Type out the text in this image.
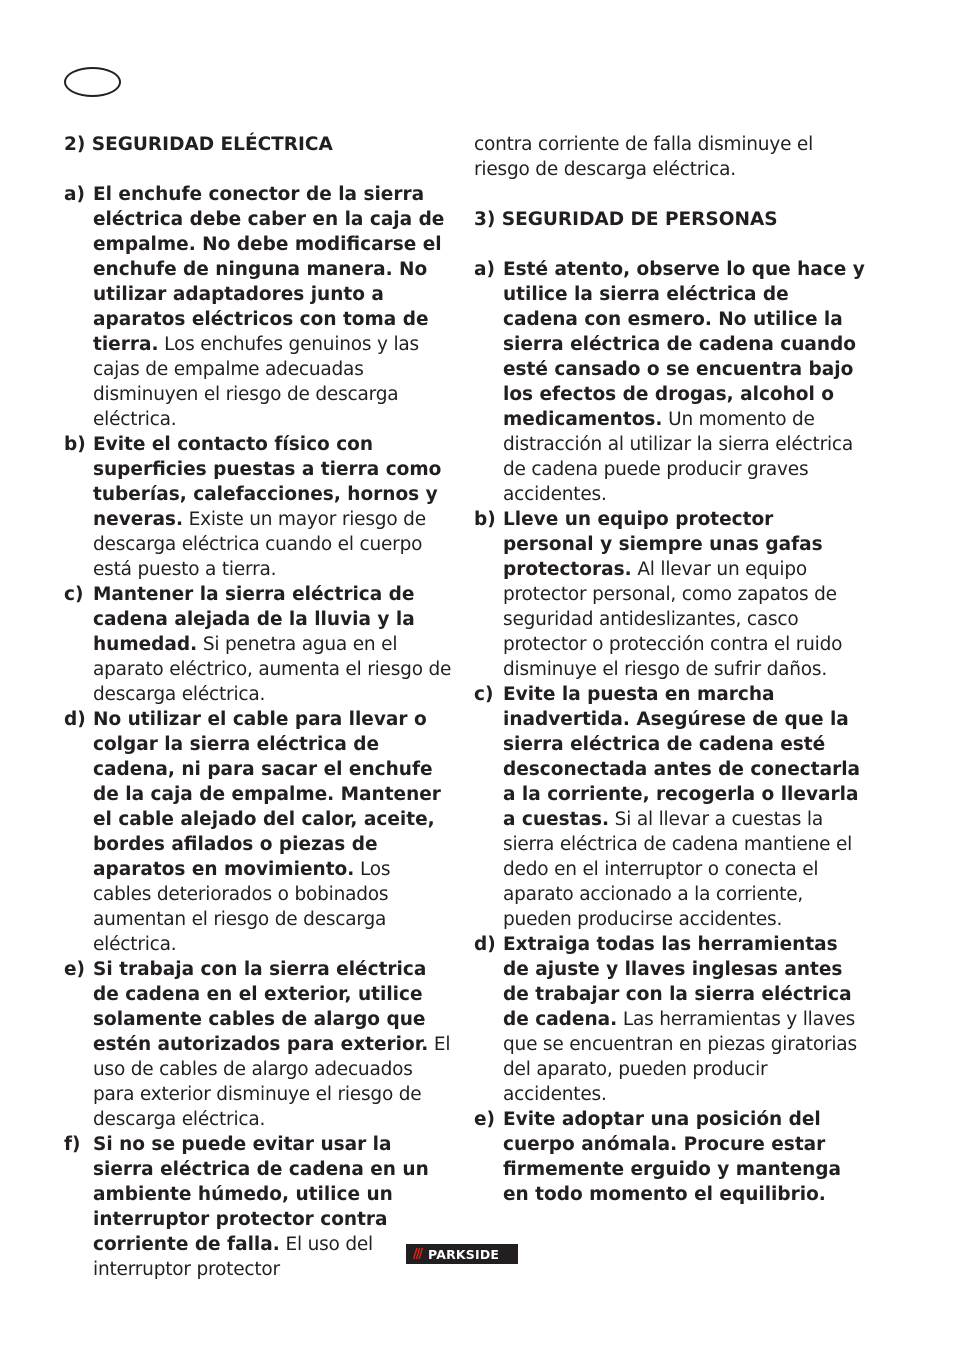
2) SEGURIDAD ELÉCTRICA

a) El enchufe conector de la sierra eléctrica debe caber en la caja de empalme. No debe modificarse el enchufe de ninguna manera. No utilizar adaptadores junto a aparatos eléctricos con toma de tierra. Los enchufes genuinos y las cajas de empalme adecuadas disminuyen el riesgo de descarga eléctrica.
b) Evite el contacto físico con superficies puestas a tierra como tuberías, calefacciones, hornos y neveras. Existe un mayor riesgo de descarga eléctrica cuando el cuerpo está puesto a tierra.
c) Mantener la sierra eléctrica de cadena alejada de la lluvia y la humedad. Si penetra agua en el aparato eléctrico, aumenta el riesgo de descarga eléctrica.
d) No utilizar el cable para llevar o colgar la sierra eléctrica de cadena, ni para sacar el enchufe de la caja de empalme. Mantener el cable alejado del calor, aceite, bordes afilados o piezas de aparatos en movimiento. Los cables deteriorados o bobinados aumentan el riesgo de descarga eléctrica.
e) Si trabaja con la sierra eléctrica de cadena en el exterior, utilice solamente cables de alargo que estén autorizados para exterior. El uso de cables de alargo adecuados para exterior disminuye el riesgo de descarga eléctrica.
f) Si no se puede evitar usar la sierra eléctrica de cadena en un ambiente húmedo, utilice un interruptor protector contra corriente de falla. El uso del interruptor protector
contra corriente de falla disminuye el riesgo de descarga eléctrica.

3) SEGURIDAD DE PERSONAS

a) Esté atento, observe lo que hace y utilice la sierra eléctrica de cadena con esmero. No utilice la sierra eléctrica de cadena cuando esté cansado o se encuentra bajo los efectos de drogas, alcohol o medicamentos. Un momento de distracción al utilizar la sierra eléctrica de cadena puede producir graves accidentes.
b) Lleve un equipo protector personal y siempre unas gafas protectoras. Al llevar un equipo protector personal, como zapatos de seguridad antideslizantes, casco protector o protección contra el ruido disminuye el riesgo de sufrir daños.
c) Evite la puesta en marcha inadvertida. Asegúrese de que la sierra eléctrica de cadena esté desconectada antes de conectarla a la corriente, recogerla o llevarla a cuestas. Si al llevar a cuestas la sierra eléctrica de cadena mantiene el dedo en el interruptor o conecta el aparato accionado a la corriente, pueden producirse accidentes.
d) Extraiga todas las herramientas de ajuste y llaves inglesas antes de trabajar con la sierra eléctrica de cadena. Las herramientas y llaves que se encuentran en piezas giratorias del aparato, pueden producir accidentes.
e) Evite adoptar una posición del cuerpo anómala. Procure estar firmemente erguido y mantenga en todo momento el equilibrio.
/// PARKSIDE
